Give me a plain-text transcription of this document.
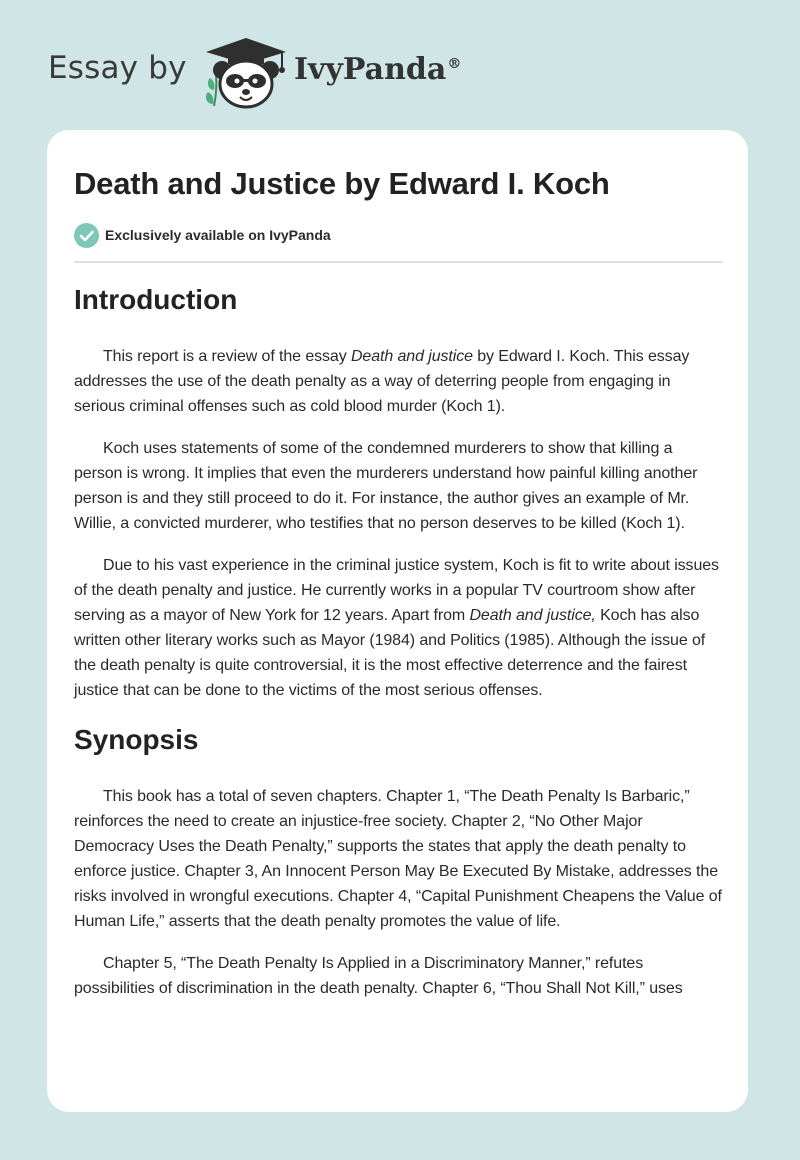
Essay by	IvyPanda®
Death and Justice by Edward I. Koch
Exclusively available on IvyPanda
Introduction

This report is a review of the essay Death and justice by Edward I. Koch. This essay addresses the use of the death penalty as a way of deterring people from engaging in serious criminal offenses such as cold blood murder (Koch 1).

Koch uses statements of some of the condemned murderers to show that killing a person is wrong. It implies that even the murderers understand how painful killing another person is and they still proceed to do it. For instance, the author gives an example of Mr. Willie, a convicted murderer, who testifies that no person deserves to be killed (Koch 1).

Due to his vast experience in the criminal justice system, Koch is fit to write about issues of the death penalty and justice. He currently works in a popular TV courtroom show after serving as a mayor of New York for 12 years. Apart from Death and justice, Koch has also written other literary works such as Mayor (1984) and Politics (1985). Although the issue of the death penalty is quite controversial, it is the most effective deterrence and the fairest justice that can be done to the victims of the most serious offenses.

Synopsis

This book has a total of seven chapters. Chapter 1, “The Death Penalty Is Barbaric,” reinforces the need to create an injustice-free society. Chapter 2, “No Other Major Democracy Uses the Death Penalty,” supports the states that apply the death penalty to enforce justice. Chapter 3, An Innocent Person May Be Executed By Mistake, addresses the risks involved in wrongful executions. Chapter 4, “Capital Punishment Cheapens the Value of Human Life,” asserts that the death penalty promotes the value of life.

Chapter 5, “The Death Penalty Is Applied in a Discriminatory Manner,” refutes possibilities of discrimination in the death penalty. Chapter 6, “Thou Shall Not Kill,” uses
